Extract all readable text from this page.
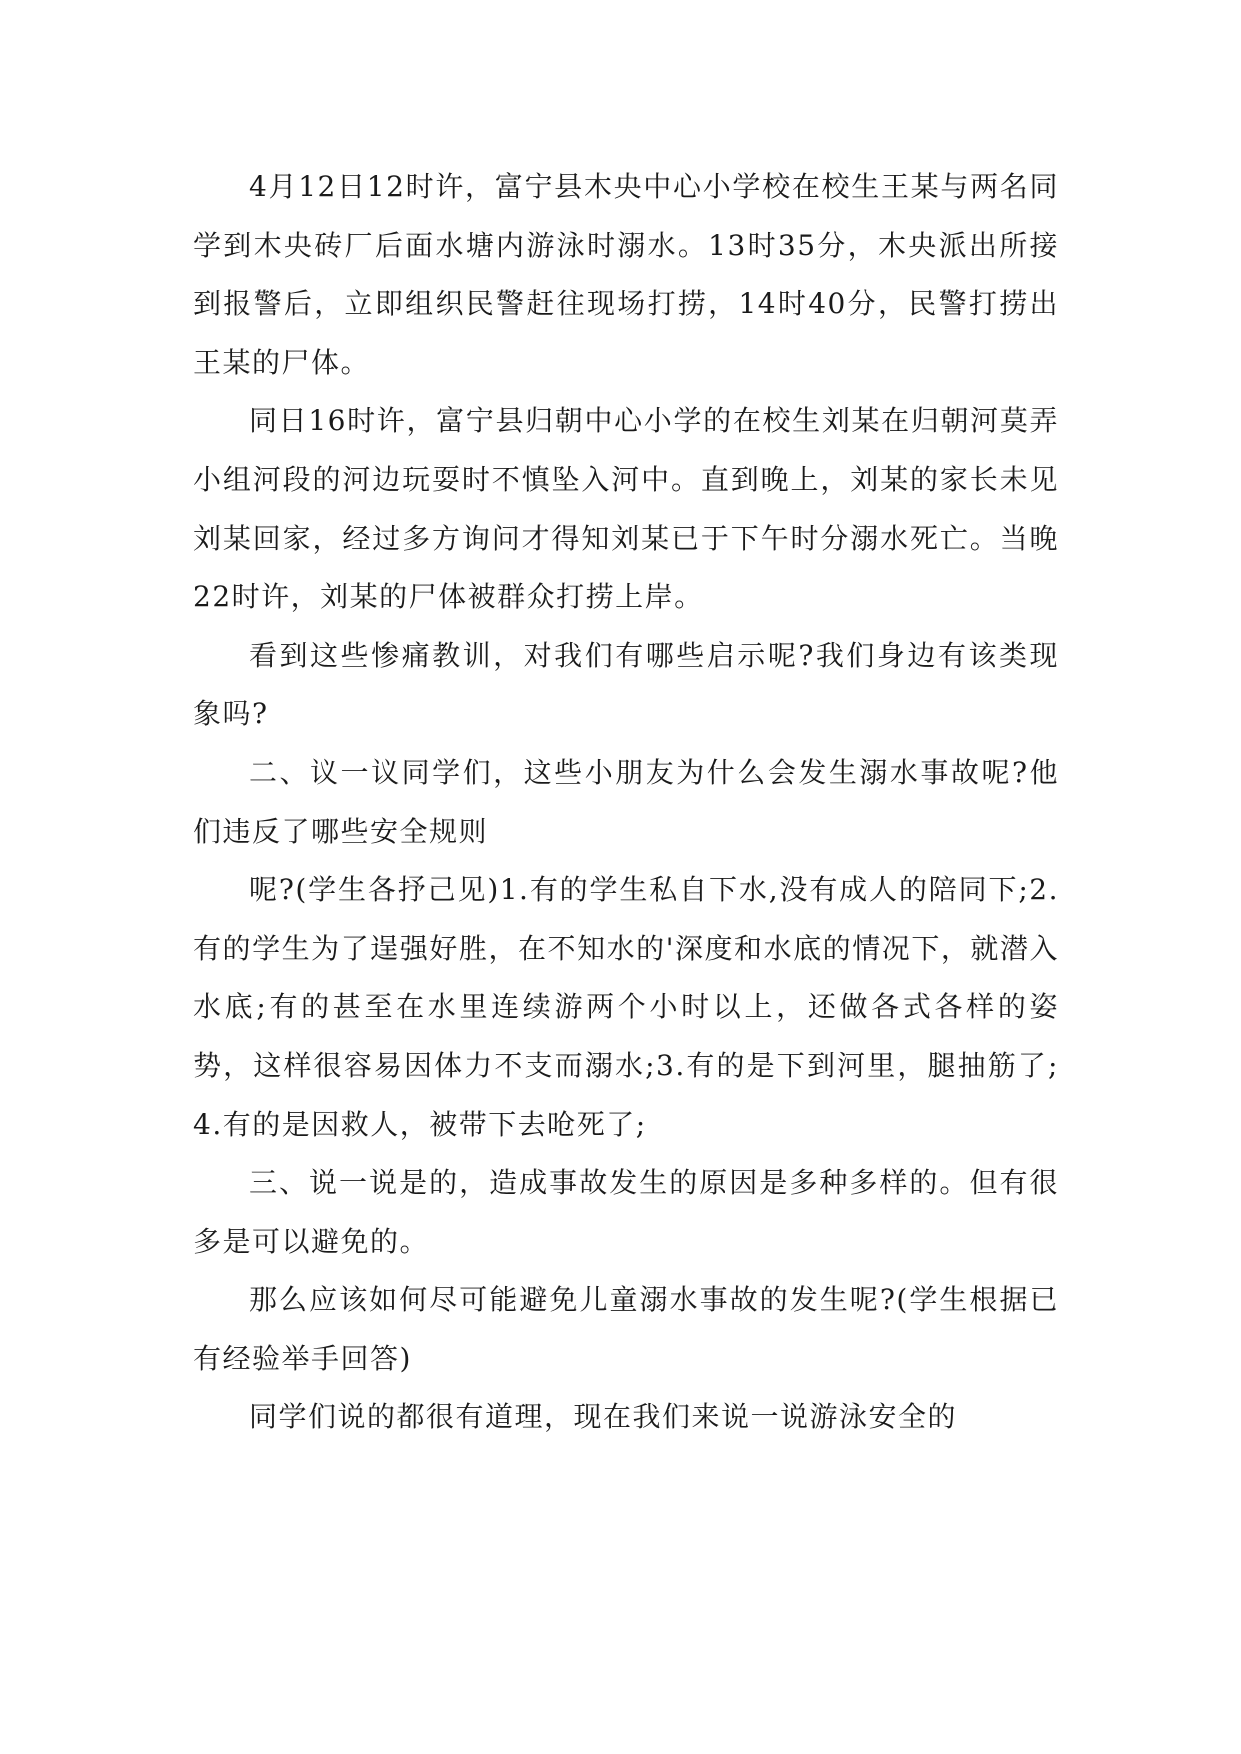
4月12日12时许，富宁县木央中心小学校在校生王某与两名同学到木央砖厂后面水塘内游泳时溺水。13时35分，木央派出所接到报警后，立即组织民警赶往现场打捞，14时40分，民警打捞出王某的尸体。

同日16时许，富宁县归朝中心小学的在校生刘某在归朝河莫弄小组河段的河边玩耍时不慎坠入河中。直到晚上，刘某的家长未见刘某回家，经过多方询问才得知刘某已于下午时分溺水死亡。当晚22时许，刘某的尸体被群众打捞上岸。

看到这些惨痛教训，对我们有哪些启示呢?我们身边有该类现象吗?

二、议一议同学们，这些小朋友为什么会发生溺水事故呢?他们违反了哪些安全规则

呢?(学生各抒己见)1.有的学生私自下水,没有成人的陪同下;2.有的学生为了逞强好胜，在不知水的'深度和水底的情况下，就潜入水底;有的甚至在水里连续游两个小时以上，还做各式各样的姿势，这样很容易因体力不支而溺水;3.有的是下到河里，腿抽筋了;4.有的是因救人，被带下去呛死了;

三、说一说是的，造成事故发生的原因是多种多样的。但有很多是可以避免的。

那么应该如何尽可能避免儿童溺水事故的发生呢?(学生根据已有经验举手回答)

同学们说的都很有道理，现在我们来说一说游泳安全的
